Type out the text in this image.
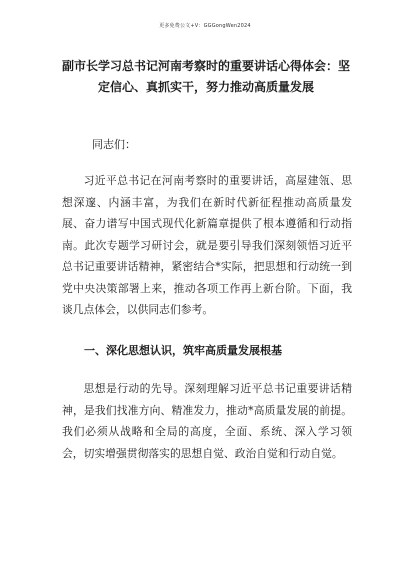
更多免费公文+V：GGGongWen2024
副市长学习总书记河南考察时的重要讲话心得体会：坚定信心、真抓实干，努力推动高质量发展
同志们：

习近平总书记在河南考察时的重要讲话，高屋建瓴、思想深邃、内涵丰富，为我们在新时代新征程推动高质量发展、奋力谱写中国式现代化新篇章提供了根本遵循和行动指南。此次专题学习研讨会，就是要引导我们深刻领悟习近平总书记重要讲话精神，紧密结合*实际，把思想和行动统一到党中央决策部署上来，推动各项工作再上新台阶。下面，我谈几点体会，以供同志们参考。

一、深化思想认识，筑牢高质量发展根基

思想是行动的先导。深刻理解习近平总书记重要讲话精神，是我们找准方向、精准发力，推动*高质量发展的前提。我们必须从战略和全局的高度，全面、系统、深入学习领会，切实增强贯彻落实的思想自觉、政治自觉和行动自觉。
